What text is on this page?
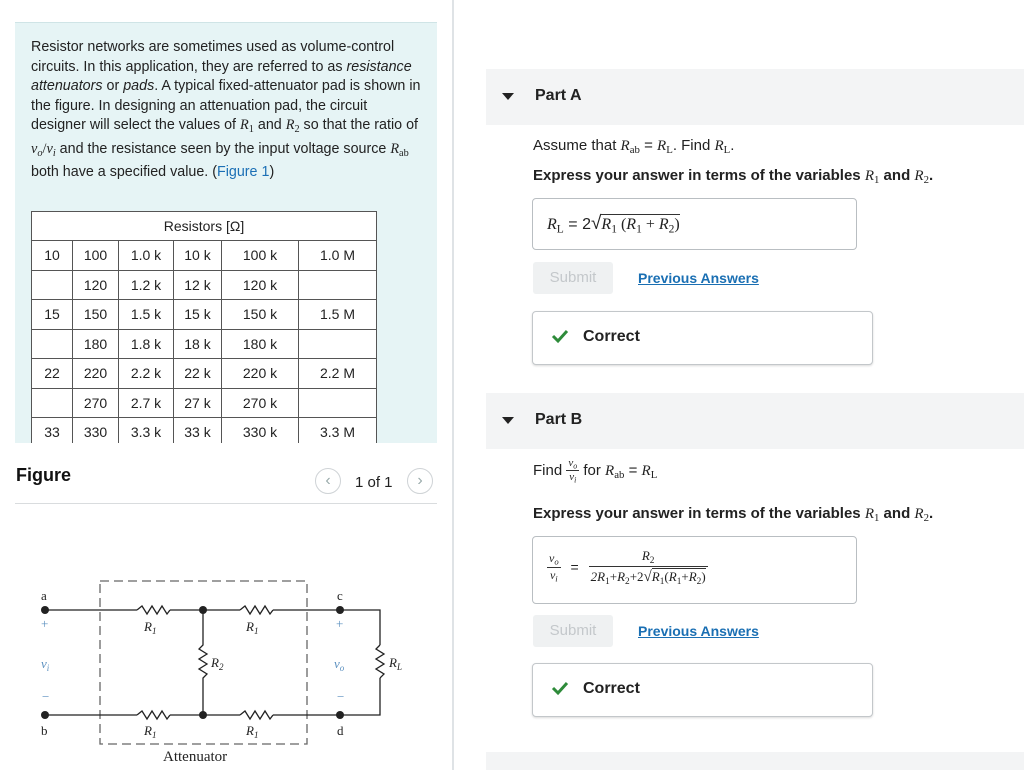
Resistor networks are sometimes used as volume-control circuits. In this application, they are referred to as resistance attenuators or pads. A typical fixed-attenuator pad is shown in the figure. In designing an attenuation pad, the circuit designer will select the values of $R_1$ and $R_2$ so that the ratio of $v_o/v_i$ and the resistance seen by the input voltage source $R_{ab}$ both have a specified value. (Figure 1)
Resistors [Ω]					
10	100	1.0 k	10 k	100 k	1.0 M
	120	1.2 k	12 k	120 k	
15	150	1.5 k	15 k	150 k	1.5 M
	180	1.8 k	18 k	180 k	
22	220	2.2 k	22 k	220 k	2.2 M
	270	2.7 k	27 k	270 k	
33	330	3.3 k	33 k	330 k	3.3 M
Figure	‹	1 of 1	›
a
b
c
d
Attenuator
$R_1$	$R_1$
$R_1$	$R_1$
$R_2$	$R_L$
+
−
$v_i$
+
−
$v_o$
Part A
Assume that $R_{ab} = R_L$. Find $R_L$.
Express your answer in terms of the variables $R_1$ and $R_2$.
$R_L = 2√R_1$ $(R_1 + R_2)$
Submit	Previous Answers
Correct
Part B
Find $\frac{v_o}{v_i}$ for $R_{ab} = R_L$
Express your answer in terms of the variables $R_1$ and $R_2$.
$\frac{v_o}{v_i} = \frac{R_2}{2R_1+R_2+2√R_1(R_1+R_2)}$
Submit	Previous Answers
Correct
